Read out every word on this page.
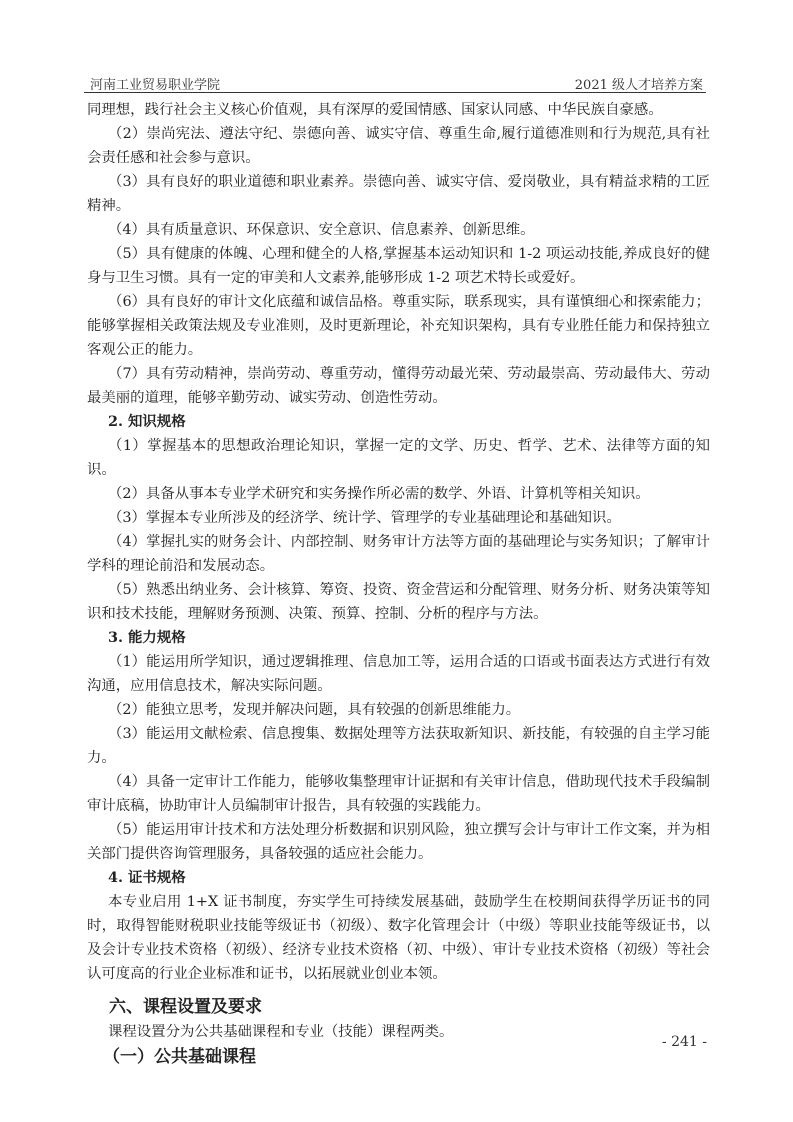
河南工业贸易职业学院	2021 级人才培养方案

同理想，践行社会主义核心价值观，具有深厚的爱国情感、国家认同感、中华民族自豪感。

（2）崇尚宪法、遵法守纪、崇德向善、诚实守信、尊重生命,履行道德准则和行为规范,具有社会责任感和社会参与意识。

（3）具有良好的职业道德和职业素养。崇德向善、诚实守信、爱岗敬业，具有精益求精的工匠精神。

（4）具有质量意识、环保意识、安全意识、信息素养、创新思维。

（5）具有健康的体魄、心理和健全的人格,掌握基本运动知识和 1-2 项运动技能,养成良好的健身与卫生习惯。具有一定的审美和人文素养,能够形成 1-2 项艺术特长或爱好。

（6）具有良好的审计文化底蕴和诚信品格。尊重实际，联系现实，具有谨慎细心和探索能力；能够掌握相关政策法规及专业准则，及时更新理论，补充知识架构，具有专业胜任能力和保持独立客观公正的能力。

（7）具有劳动精神，崇尚劳动、尊重劳动，懂得劳动最光荣、劳动最崇高、劳动最伟大、劳动最美丽的道理，能够辛勤劳动、诚实劳动、创造性劳动。

2. 知识规格

（1）掌握基本的思想政治理论知识，掌握一定的文学、历史、哲学、艺术、法律等方面的知识。

（2）具备从事本专业学术研究和实务操作所必需的数学、外语、计算机等相关知识。

（3）掌握本专业所涉及的经济学、统计学、管理学的专业基础理论和基础知识。

（4）掌握扎实的财务会计、内部控制、财务审计方法等方面的基础理论与实务知识；了解审计学科的理论前沿和发展动态。

（5）熟悉出纳业务、会计核算、筹资、投资、资金营运和分配管理、财务分析、财务决策等知识和技术技能，理解财务预测、决策、预算、控制、分析的程序与方法。

3. 能力规格

（1）能运用所学知识，通过逻辑推理、信息加工等，运用合适的口语或书面表达方式进行有效沟通，应用信息技术，解决实际问题。

（2）能独立思考，发现并解决问题，具有较强的创新思维能力。

（3）能运用文献检索、信息搜集、数据处理等方法获取新知识、新技能，有较强的自主学习能力。

（4）具备一定审计工作能力，能够收集整理审计证据和有关审计信息，借助现代技术手段编制审计底稿，协助审计人员编制审计报告，具有较强的实践能力。

（5）能运用审计技术和方法处理分析数据和识别风险，独立撰写会计与审计工作文案，并为相关部门提供咨询管理服务，具备较强的适应社会能力。

4. 证书规格

本专业启用 1+X 证书制度，夯实学生可持续发展基础，鼓励学生在校期间获得学历证书的同时，取得智能财税职业技能等级证书（初级）、数字化管理会计（中级）等职业技能等级证书，以及会计专业技术资格（初级）、经济专业技术资格（初、中级）、审计专业技术资格（初级）等社会认可度高的行业企业标准和证书，以拓展就业创业本领。

六、课程设置及要求

课程设置分为公共基础课程和专业（技能）课程两类。

（一）公共基础课程

- 241 -
